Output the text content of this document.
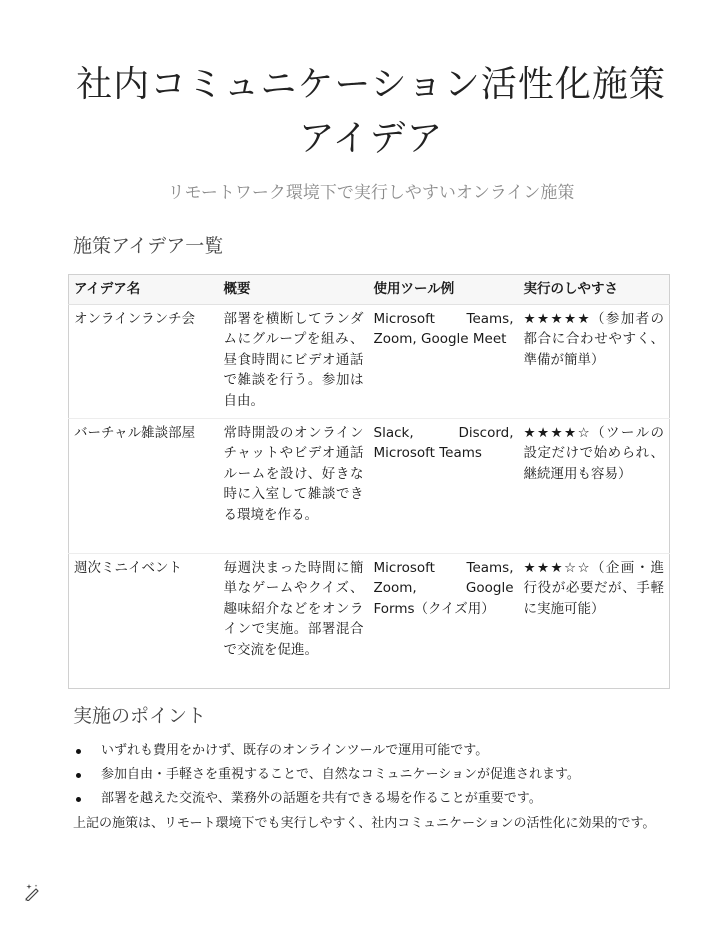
社内コミュニケーション活性化施策
アイデア
リモートワーク環境下で実行しやすいオンライン施策
施策アイデア一覧
アイデア名	概要	使用ツール例	実行のしやすさ
オンラインランチ会	部署を横断してランダムにグループを組み、昼食時間にビデオ通話で雑談を行う。参加は自由。	Microsoft Teams, Zoom, Google Meet	★★★★★（参加者の都合に合わせやすく、準備が簡単）
バーチャル雑談部屋	常時開設のオンラインチャットやビデオ通話ルームを設け、好きな時に入室して雑談できる環境を作る。	Slack, Discord, Microsoft Teams	★★★★☆（ツールの設定だけで始められ、継続運用も容易）
週次ミニイベント	毎週決まった時間に簡単なゲームやクイズ、趣味紹介などをオンラインで実施。部署混合で交流を促進。	Microsoft Teams, Zoom, Google Forms（クイズ用）	★★★☆☆（企画・進行役が必要だが、手軽に実施可能）
実施のポイント
いずれも費用をかけず、既存のオンラインツールで運用可能です。
参加自由・手軽さを重視することで、自然なコミュニケーションが促進されます。
部署を越えた交流や、業務外の話題を共有できる場を作ることが重要です。
上記の施策は、リモート環境下でも実行しやすく、社内コミュニケーションの活性化に効果的です。
